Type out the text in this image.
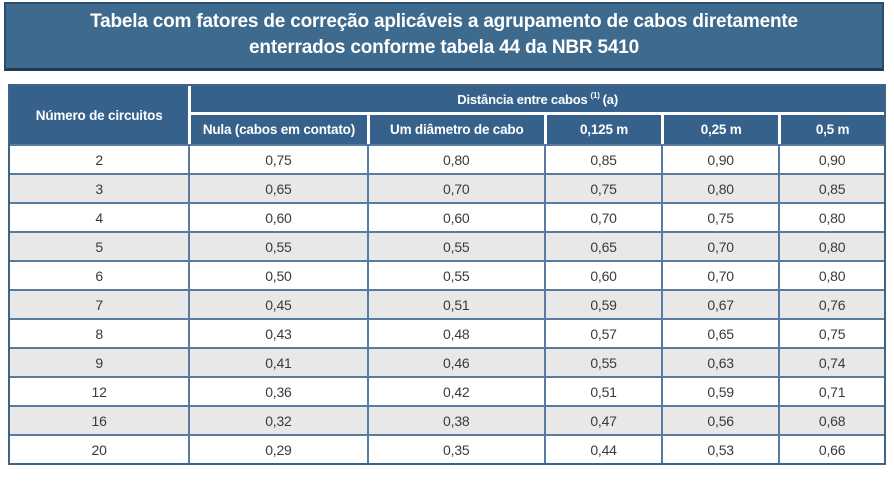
Tabela com fatores de correção aplicáveis a agrupamento de cabos diretamente enterrados conforme tabela 44 da NBR 5410
Número de circuitos	Distância entre cabos $^{(1)}$ (a)				
	Nula (cabos em contato)	Um diâmetro de cabo	0,125 m	0,25 m	0,5 m
2	0,75	0,80	0,85	0,90	0,90
3	0,65	0,70	0,75	0,80	0,85
4	0,60	0,60	0,70	0,75	0,80
5	0,55	0,55	0,65	0,70	0,80
6	0,50	0,55	0,60	0,70	0,80
7	0,45	0,51	0,59	0,67	0,76
8	0,43	0,48	0,57	0,65	0,75
9	0,41	0,46	0,55	0,63	0,74
12	0,36	0,42	0,51	0,59	0,71
16	0,32	0,38	0,47	0,56	0,68
20	0,29	0,35	0,44	0,53	0,66
